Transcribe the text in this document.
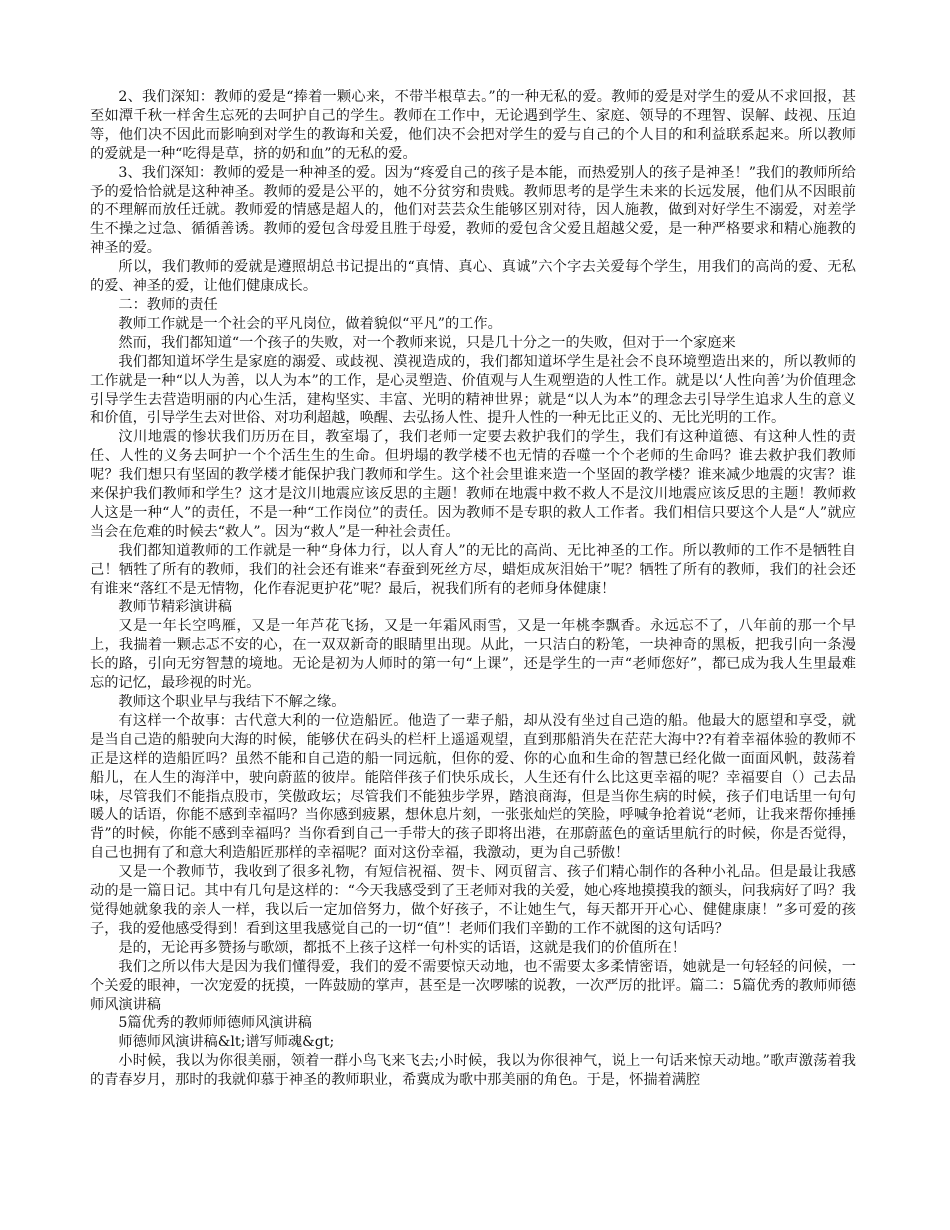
2、我们深知：教师的爱是“捧着一颗心来，不带半根草去。”的一种无私的爱。教师的爱是对学生的爱从不求回报，甚至如潭千秋一样舍生忘死的去呵护自己的学生。教师在工作中，无论遇到学生、家庭、领导的不理智、误解、歧视、压迫等，他们决不因此而影响到对学生的教诲和关爱，他们决不会把对学生的爱与自己的个人目的和利益联系起来。所以教师的爱就是一种“吃得是草，挤的奶和血”的无私的爱。

3、我们深知：教师的爱是一种神圣的爱。因为“疼爱自己的孩子是本能，而热爱别人的孩子是神圣！”我们的教师所给予的爱恰恰就是这种神圣。教师的爱是公平的，她不分贫穷和贵贱。教师思考的是学生未来的长远发展，他们从不因眼前的不理解而放任迁就。教师爱的情感是超人的，他们对芸芸众生能够区别对待，因人施教，做到对好学生不溺爱，对差学生不操之过急、循循善诱。教师的爱包含母爱且胜于母爱，教师的爱包含父爱且超越父爱，是一种严格要求和精心施教的神圣的爱。

所以，我们教师的爱就是遵照胡总书记提出的“真情、真心、真诚”六个字去关爱每个学生，用我们的高尚的爱、无私的爱、神圣的爱，让他们健康成长。

二：教师的责任

教师工作就是一个社会的平凡岗位，做着貌似“平凡”的工作。

然而，我们都知道“一个孩子的失败，对一个教师来说，只是几十分之一的失败，但对于一个家庭来

我们都知道坏学生是家庭的溺爱、或歧视、漠视造成的，我们都知道坏学生是社会不良环境塑造出来的，所以教师的工作就是一种“以人为善，以人为本”的工作，是心灵塑造、价值观与人生观塑造的人性工作。就是以‘人性向善’为价值理念引导学生去营造明丽的内心生活，建构坚实、丰富、光明的精神世界；就是“以人为本”的理念去引导学生追求人生的意义和价值，引导学生去对世俗、对功利超越，唤醒、去弘扬人性、提升人性的一种无比正义的、无比光明的工作。

汶川地震的惨状我们历历在目，教室塌了，我们老师一定要去救护我们的学生，我们有这种道德、有这种人性的责任、人性的义务去呵护一个个活生生的生命。但坍塌的教学楼不也无情的吞噬一个个老师的生命吗？谁去救护我们教师呢？我们想只有坚固的教学楼才能保护我门教师和学生。这个社会里谁来造一个坚固的教学楼？谁来减少地震的灾害？谁来保护我们教师和学生？这才是汶川地震应该反思的主题！教师在地震中救不救人不是汶川地震应该反思的主题！教师救人这是一种“人”的责任，不是一种“工作岗位”的责任。因为教师不是专职的救人工作者。我们相信只要这个人是“人”就应当会在危难的时候去“救人”。因为“救人”是一种社会责任。

我们都知道教师的工作就是一种“身体力行，以人育人”的无比的高尚、无比神圣的工作。所以教师的工作不是牺牲自己！牺牲了所有的教师，我们的社会还有谁来“春蚕到死丝方尽，蜡炬成灰泪始干”呢？牺牲了所有的教师，我们的社会还有谁来“落红不是无情物，化作春泥更护花”呢？最后，祝我们所有的老师身体健康！

教师节精彩演讲稿

又是一年长空鸣雁，又是一年芦花飞扬，又是一年霜风雨雪，又是一年桃李飘香。永远忘不了，八年前的那一个早上，我揣着一颗忐忑不安的心，在一双双新奇的眼睛里出现。从此，一只洁白的粉笔，一块神奇的黑板，把我引向一条漫长的路，引向无穷智慧的境地。无论是初为人师时的第一句“上课”，还是学生的一声“老师您好”，都已成为我人生里最难忘的记忆，最珍视的时光。

教师这个职业早与我结下不解之缘。

有这样一个故事：古代意大利的一位造船匠。他造了一辈子船，却从没有坐过自己造的船。他最大的愿望和享受，就是当自己造的船驶向大海的时候，能够伏在码头的栏杆上遥遥观望，直到那船消失在茫茫大海中??有着幸福体验的教师不正是这样的造船匠吗？虽然不能和自己造的船一同远航，但你的爱、你的心血和生命的智慧已经化做一面面风帆，鼓荡着船儿，在人生的海洋中，驶向蔚蓝的彼岸。能陪伴孩子们快乐成长，人生还有什么比这更幸福的呢？幸福要自（）己去品味，尽管我们不能指点股市，笑傲政坛；尽管我们不能独步学界，踏浪商海，但是当你生病的时候，孩子们电话里一句句暖人的话语，你能不感到幸福吗？当你感到疲累，想休息片刻，一张张灿烂的笑脸，呼喊争抢着说“老师，让我来帮你捶捶背”的时候，你能不感到幸福吗？当你看到自己一手带大的孩子即将出港，在那蔚蓝色的童话里航行的时候，你是否觉得，自己也拥有了和意大利造船匠那样的幸福呢？面对这份幸福，我激动，更为自己骄傲！

又是一个教师节，我收到了很多礼物，有短信祝福、贺卡、网页留言、孩子们精心制作的各种小礼品。但是最让我感动的是一篇日记。其中有几句是这样的：“今天我感受到了王老师对我的关爱，她心疼地摸摸我的额头，问我病好了吗？我觉得她就象我的亲人一样，我以后一定加倍努力，做个好孩子，不让她生气，每天都开开心心、健健康康！”多可爱的孩子，我的爱他感受得到！看到这里我感觉自己的一切“值”！老师们我们辛勤的工作不就图的这句话吗？

是的，无论再多赞扬与歌颂，都抵不上孩子这样一句朴实的话语，这就是我们的价值所在！

我们之所以伟大是因为我们懂得爱，我们的爱不需要惊天动地，也不需要太多柔情密语，她就是一句轻轻的问候，一个关爱的眼神，一次宠爱的抚摸，一阵鼓励的掌声，甚至是一次啰嗦的说教，一次严厉的批评。篇二：5篇优秀的教师师德师风演讲稿

5篇优秀的教师师德师风演讲稿

师德师风演讲稿&lt;谱写师魂&gt;

小时候，我以为你很美丽，领着一群小鸟飞来飞去;小时候，我以为你很神气，说上一句话来惊天动地。”歌声激荡着我的青春岁月，那时的我就仰慕于神圣的教师职业，希冀成为歌中那美丽的角色。于是，怀揣着满腔
